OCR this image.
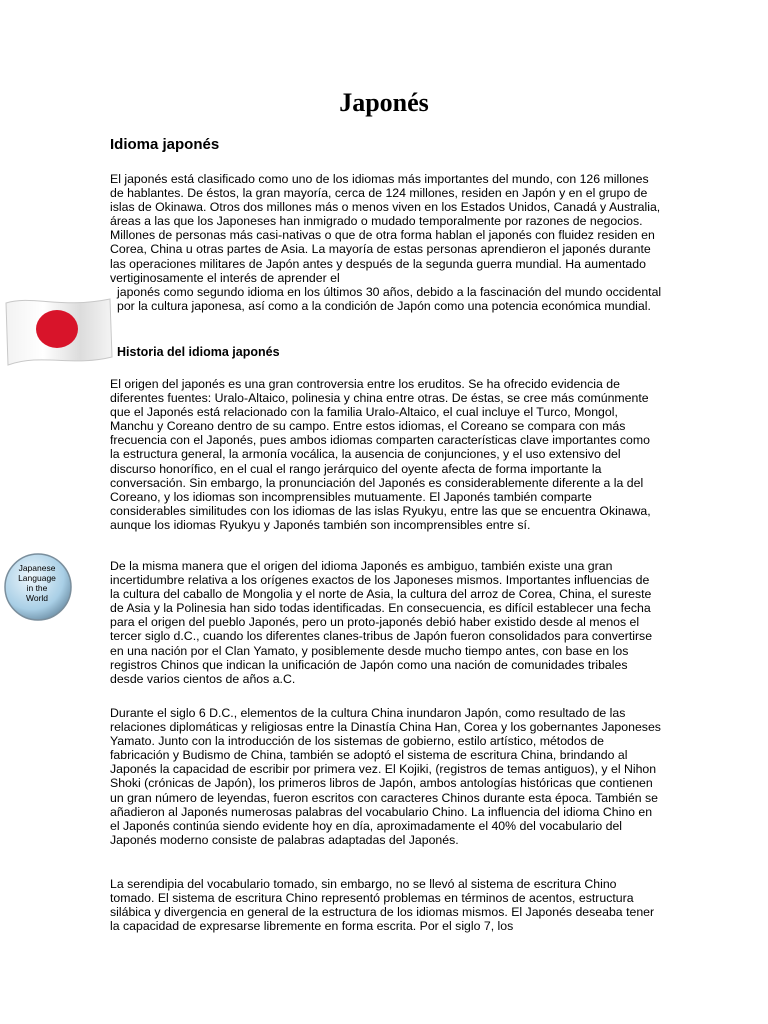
Japonés
Idioma japonés

El japonés está clasificado como uno de los idiomas más importantes del mundo, con 126 millones de hablantes. De éstos, la gran mayoría, cerca de 124 millones, residen en Japón y en el grupo de islas de Okinawa. Otros dos millones más o menos viven en los Estados Unidos, Canadá y Australia, áreas a las que los Japoneses han inmigrado o mudado temporalmente por razones de negocios. Millones de personas más casi-nativas o que de otra forma hablan el japonés con fluidez residen en Corea, China u otras partes de Asia. La mayoría de estas personas aprendieron el japonés durante las operaciones militares de Japón antes y después de la segunda guerra mundial. Ha aumentado vertiginosamente el interés de aprender el

japonés como segundo idioma en los últimos 30 años, debido a la fascinación del mundo occidental por la cultura japonesa, así como a la condición de Japón como una potencia económica mundial.

Historia del idioma japonés

El origen del japonés es una gran controversia entre los eruditos. Se ha ofrecido evidencia de diferentes fuentes: Uralo-Altaico, polinesia y china entre otras. De éstas, se cree más comúnmente que el Japonés está relacionado con la familia Uralo-Altaico, el cual incluye el Turco, Mongol, Manchu y Coreano dentro de su campo. Entre estos idiomas, el Coreano se compara con más frecuencia con el Japonés, pues ambos idiomas comparten características clave importantes como la estructura general, la armonía vocálica, la ausencia de conjunciones, y el uso extensivo del discurso honorífico, en el cual el rango jerárquico del oyente afecta de forma importante la conversación. Sin embargo, la pronunciación del Japonés es considerablemente diferente a la del Coreano, y los idiomas son incomprensibles mutuamente. El Japonés también comparte considerables similitudes con los idiomas de las islas Ryukyu, entre las que se encuentra Okinawa, aunque los idiomas Ryukyu y Japonés también son incomprensibles entre sí.

Japanese
Language
in the
World

De la misma manera que el origen del idioma Japonés es ambiguo, también existe una gran incertidumbre relativa a los orígenes exactos de los Japoneses mismos. Importantes influencias de la cultura del caballo de Mongolia y el norte de Asia, la cultura del arroz de Corea, China, el sureste de Asia y la Polinesia han sido todas identificadas. En consecuencia, es difícil establecer una fecha para el origen del pueblo Japonés, pero un proto-japonés debió haber existido desde al menos el tercer siglo d.C., cuando los diferentes clanes-tribus de Japón fueron consolidados para convertirse en una nación por el Clan Yamato, y posiblemente desde mucho tiempo antes, con base en los registros Chinos que indican la unificación de Japón como una nación de comunidades tribales desde varios cientos de años a.C.

Durante el siglo 6 D.C., elementos de la cultura China inundaron Japón, como resultado de las relaciones diplomáticas y religiosas entre la Dinastía China Han, Corea y los gobernantes Japoneses Yamato. Junto con la introducción de los sistemas de gobierno, estilo artístico, métodos de fabricación y Budismo de China, también se adoptó el sistema de escritura China, brindando al Japonés la capacidad de escribir por primera vez. El Kojiki, (registros de temas antiguos), y el Nihon Shoki (crónicas de Japón), los primeros libros de Japón, ambos antologías históricas que contienen un gran número de leyendas, fueron escritos con caracteres Chinos durante esta época. También se añadieron al Japonés numerosas palabras del vocabulario Chino. La influencia del idioma Chino en el Japonés continúa siendo evidente hoy en día, aproximadamente el 40% del vocabulario del Japonés moderno consiste de palabras adaptadas del Japonés.

La serendipia del vocabulario tomado, sin embargo, no se llevó al sistema de escritura Chino tomado. El sistema de escritura Chino representó problemas en términos de acentos, estructura silábica y divergencia en general de la estructura de los idiomas mismos. El Japonés deseaba tener la capacidad de expresarse libremente en forma escrita. Por el siglo 7, los
